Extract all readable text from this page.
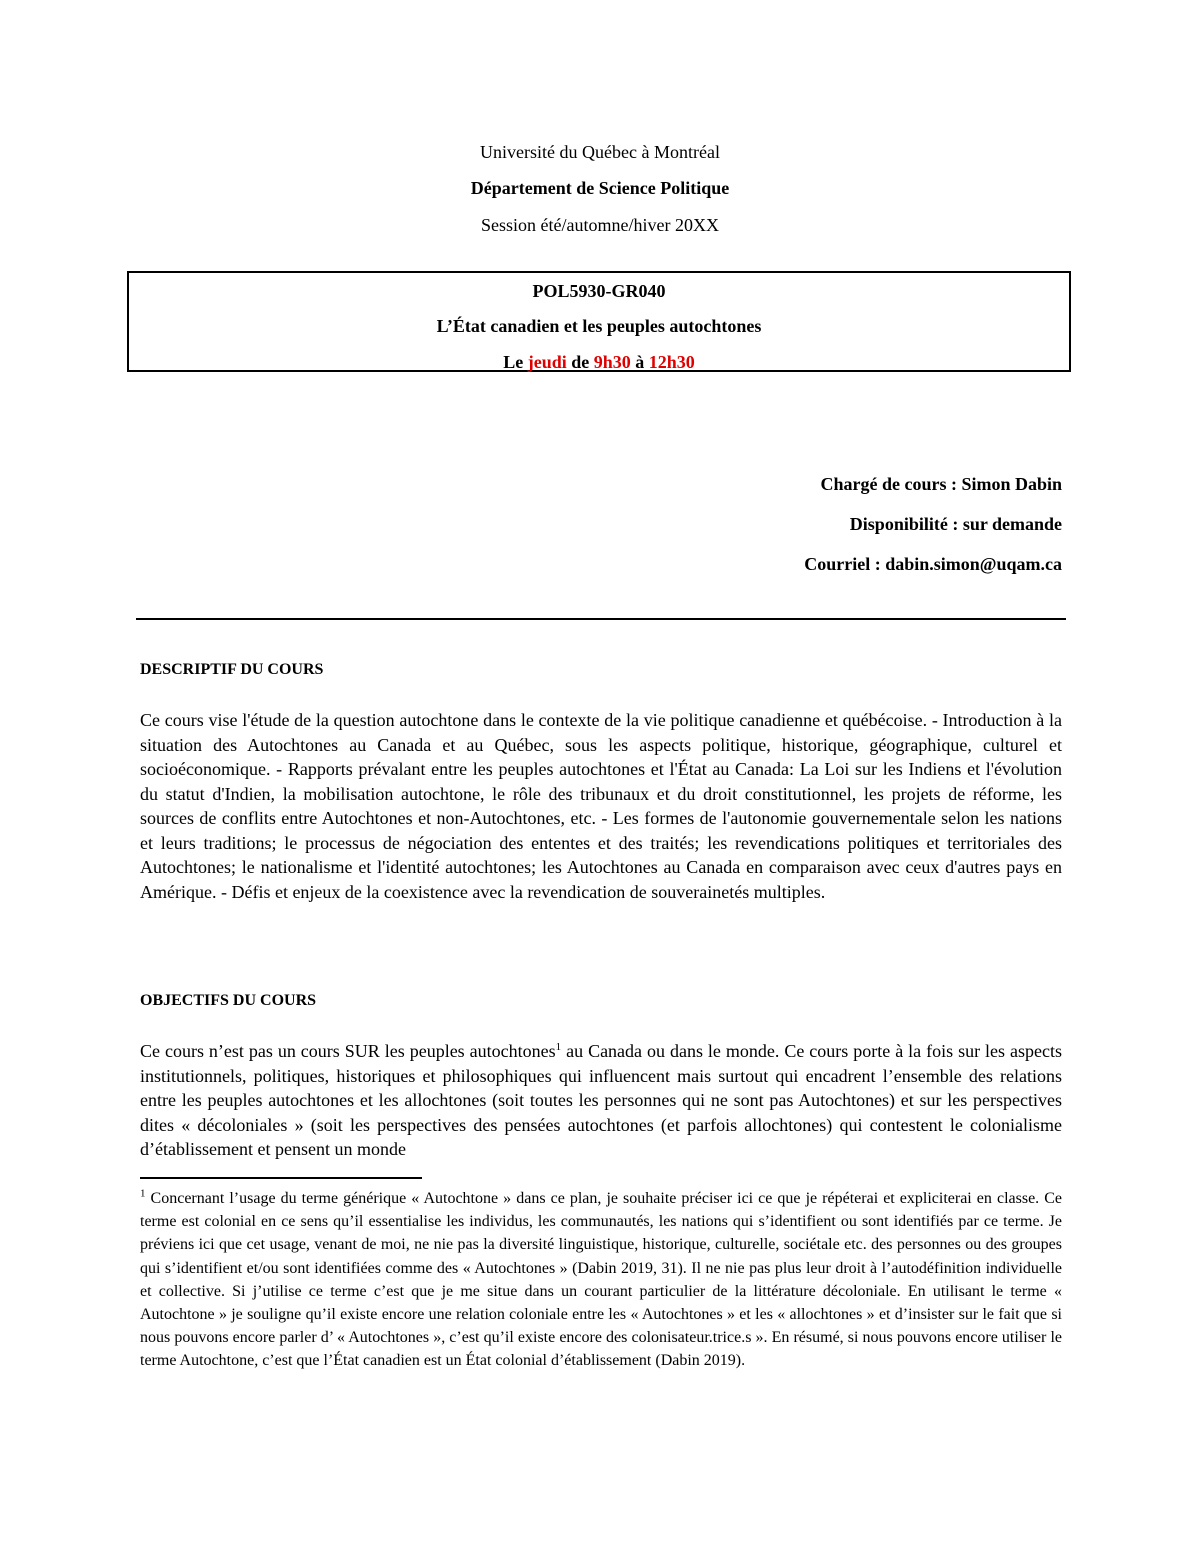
Université du Québec à Montréal
Département de Science Politique
Session été/automne/hiver 20XX
POL5930-GR040
L’État canadien et les peuples autochtones
Le jeudi de 9h30 à 12h30
Chargé de cours : Simon Dabin
Disponibilité : sur demande
Courriel : dabin.simon@uqam.ca
DESCRIPTIF DU COURS
Ce cours vise l'étude de la question autochtone dans le contexte de la vie politique canadienne et québécoise. - Introduction à la situation des Autochtones au Canada et au Québec, sous les aspects politique, historique, géographique, culturel et socioéconomique. - Rapports prévalant entre les peuples autochtones et l'État au Canada: La Loi sur les Indiens et l'évolution du statut d'Indien, la mobilisation autochtone, le rôle des tribunaux et du droit constitutionnel, les projets de réforme, les sources de conflits entre Autochtones et non-Autochtones, etc. - Les formes de l'autonomie gouvernementale selon les nations et leurs traditions; le processus de négociation des ententes et des traités; les revendications politiques et territoriales des Autochtones; le nationalisme et l'identité autochtones; les Autochtones au Canada en comparaison avec ceux d'autres pays en Amérique. - Défis et enjeux de la coexistence avec la revendication de souverainetés multiples.
OBJECTIFS DU COURS
Ce cours n’est pas un cours SUR les peuples autochtones$^1$ au Canada ou dans le monde. Ce cours porte à la fois sur les aspects institutionnels, politiques, historiques et philosophiques qui influencent mais surtout qui encadrent l’ensemble des relations entre les peuples autochtones et les allochtones (soit toutes les personnes qui ne sont pas Autochtones) et sur les perspectives dites « décoloniales » (soit les perspectives des pensées autochtones (et parfois allochtones) qui contestent le colonialisme d’établissement et pensent un monde
$^1$ Concernant l’usage du terme générique « Autochtone » dans ce plan, je souhaite préciser ici ce que je répéterai et expliciterai en classe. Ce terme est colonial en ce sens qu’il essentialise les individus, les communautés, les nations qui s’identifient ou sont identifiés par ce terme. Je préviens ici que cet usage, venant de moi, ne nie pas la diversité linguistique, historique, culturelle, sociétale etc. des personnes ou des groupes qui s’identifient et/ou sont identifiées comme des « Autochtones » (Dabin 2019, 31). Il ne nie pas plus leur droit à l’autodéfinition individuelle et collective. Si j’utilise ce terme c’est que je me situe dans un courant particulier de la littérature décoloniale. En utilisant le terme « Autochtone » je souligne qu’il existe encore une relation coloniale entre les « Autochtones » et les « allochtones » et d’insister sur le fait que si nous pouvons encore parler d’ « Autochtones », c’est qu’il existe encore des colonisateur.trice.s ». En résumé, si nous pouvons encore utiliser le terme Autochtone, c’est que l’État canadien est un État colonial d’établissement (Dabin 2019).
